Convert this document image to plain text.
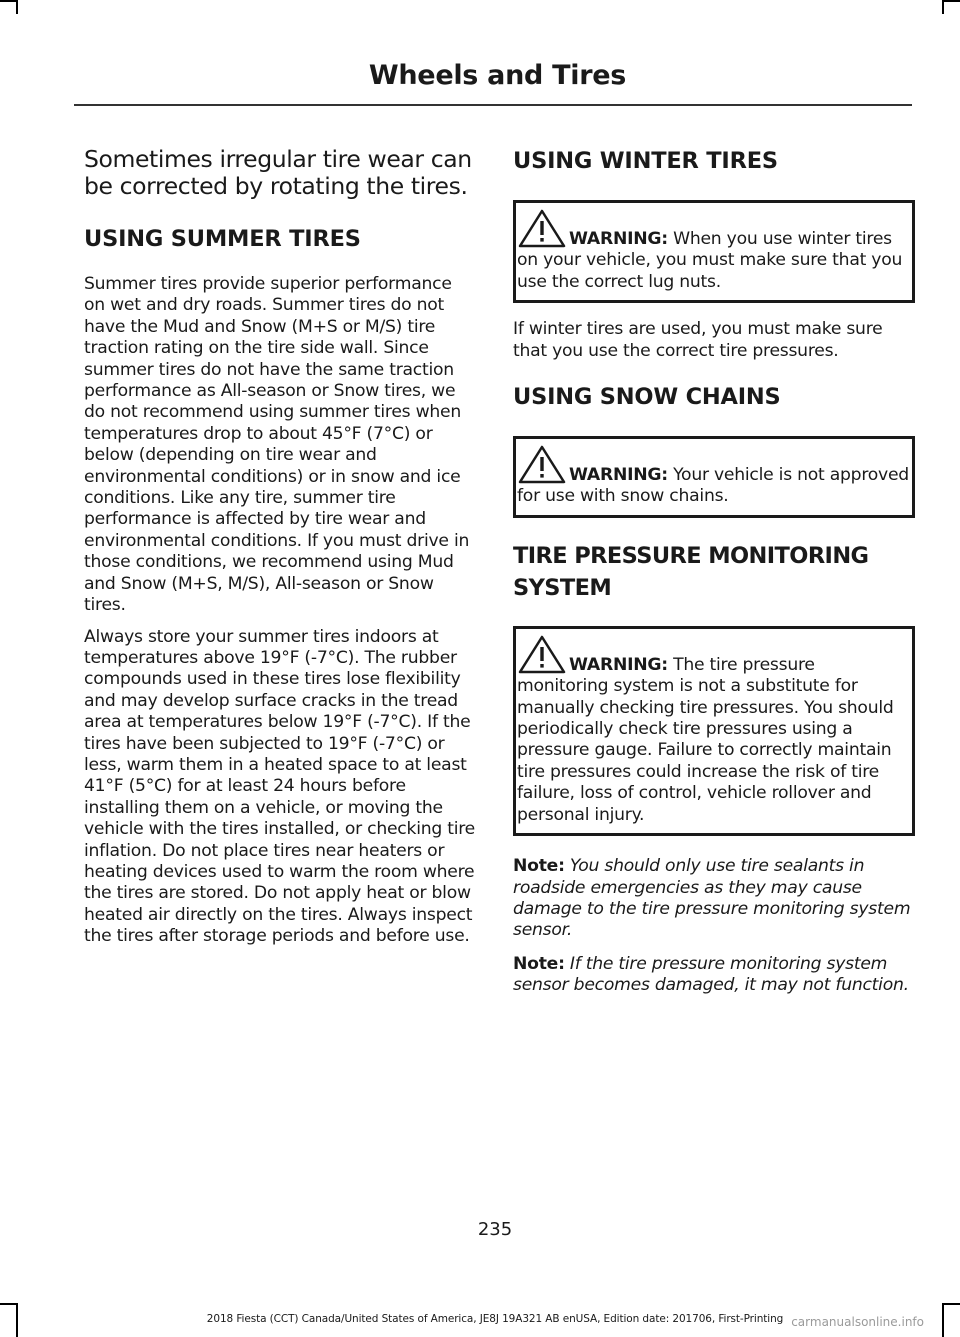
Wheels and Tires
Sometimes irregular tire wear can be corrected by rotating the tires.
USING SUMMER TIRES

Summer tires provide superior performance on wet and dry roads. Summer tires do not have the Mud and Snow (M+S or M/S) tire traction rating on the tire side wall. Since summer tires do not have the same traction performance as All-season or Snow tires, we do not recommend using summer tires when temperatures drop to about 45°F (7°C) or below (depending on tire wear and environmental conditions) or in snow and ice conditions. Like any tire, summer tire performance is affected by tire wear and environmental conditions. If you must drive in those conditions, we recommend using Mud and Snow (M+S, M/S), All-season or Snow tires.

Always store your summer tires indoors at temperatures above 19°F (-7°C). The rubber compounds used in these tires lose flexibility and may develop surface cracks in the tread area at temperatures below 19°F (-7°C). If the tires have been subjected to 19°F (-7°C) or less, warm them in a heated space to at least 41°F (5°C) for at least 24 hours before installing them on a vehicle, or moving the vehicle with the tires installed, or checking tire inflation. Do not place tires near heaters or heating devices used to warm the room where the tires are stored. Do not apply heat or blow heated air directly on the tires. Always inspect the tires after storage periods and before use.

USING WINTER TIRES
WARNING: When you use winter tires on your vehicle, you must make sure that you use the correct lug nuts.

If winter tires are used, you must make sure that you use the correct tire pressures.

USING SNOW CHAINS
WARNING: Your vehicle is not approved for use with snow chains.
TIRE PRESSURE MONITORING
SYSTEM
WARNING: The tire pressure monitoring system is not a substitute for manually checking tire pressures. You should periodically check tire pressures using a pressure gauge. Failure to correctly maintain tire pressures could increase the risk of tire failure, loss of control, vehicle rollover and personal injury.
Note: You should only use tire sealants in roadside emergencies as they may cause damage to the tire pressure monitoring system sensor.
Note: If the tire pressure monitoring system sensor becomes damaged, it may not function.
235
2018 Fiesta (CCT) Canada/United States of America, JE8J 19A321 AB enUSA, Edition date: 201706, First-Printing carmanualsonline.info
